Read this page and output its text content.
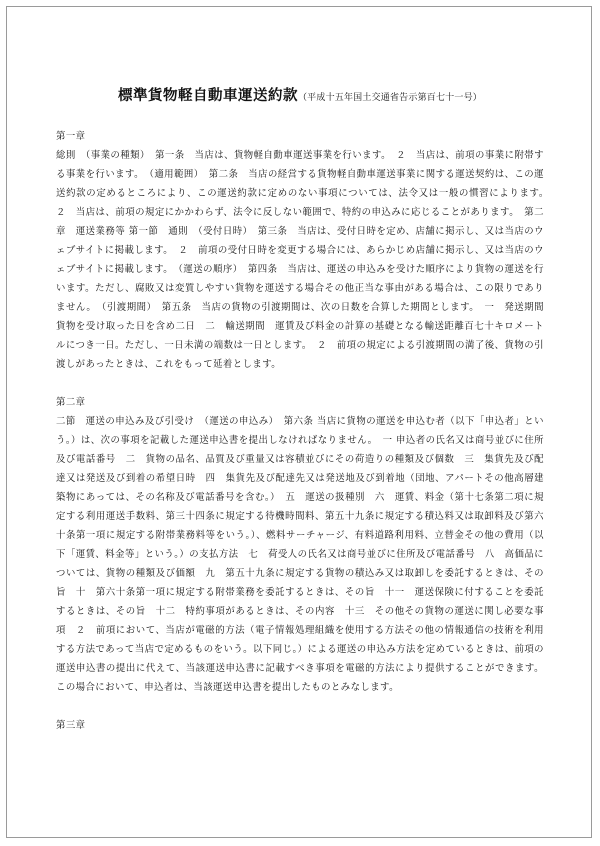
標準貨物軽自動車運送約款（平成十五年国土交通省告示第百七十一号）
第一章
総則　（事業の種類）　第一条　当店は、貨物軽自動車運送事業を行います。　２　当店は、前項の事業に附帯する事業を行います。　（適用範囲）　第二条　当店の経営する貨物軽自動車運送事業に関する運送契約は、この運送約款の定めるところにより、この運送約款に定めのない事項については、法令又は一般の慣習によります。　２　当店は、前項の規定にかかわらず、法令に反しない範囲で、特約の申込みに応じることがあります。　第二章　運送業務等 第一節　通則　（受付日時）　第三条　当店は、受付日時を定め、店舗に掲示し、又は当店のウェブサイトに掲載します。　２　前項の受付日時を変更する場合には、あらかじめ店舗に掲示し、又は当店のウェブサイトに掲載します。　（運送の順序）　第四条　当店は、運送の申込みを受けた順序により貨物の運送を行います。ただし、腐敗又は変質しやすい貨物を運送する場合その他正当な事由がある場合は、この限りでありません。　（引渡期間）　第五条　当店の貨物の引渡期間は、次の日数を合算した期間とします。　一　発送期間　貨物を受け取った日を含め二日　二　輸送期間　運賃及び料金の計算の基礎となる輸送距離百七十キロメートルにつき一日。ただし、一日未満の端数は一日とします。　２　前項の規定による引渡期間の満了後、貨物の引渡しがあったときは、これをもって延着とします。
第二章
二節　運送の申込み及び引受け　（運送の申込み）　第六条 当店に貨物の運送を申込む者（以下「申込者」という。）は、次の事項を記載した運送申込書を提出しなければなりません。　一 申込者の氏名又は商号並びに住所及び電話番号　二　貨物の品名、品質及び重量又は容積並びにその荷造りの種類及び個数　三　集貨先及び配達又は発送及び到着の希望日時　四　集貨先及び配達先又は発送地及び到着地（団地、アパートその他高層建築物にあっては、その名称及び電話番号を含む。）　五　運送の扱種別　六　運賃、料金（第十七条第二項に規定する利用運送手数料、第三十四条に規定する待機時間料、第五十九条に規定する積込料又は取卸料及び第六十条第一項に規定する附帯業務料等をいう。）、燃料サーチャージ、有料道路利用料、立替金その他の費用（以下「運賃、料金等」という。）の支払方法　七　荷受人の氏名又は商号並びに住所及び電話番号　八　高価品については、貨物の種類及び価額　九　第五十九条に規定する貨物の積込み又は取卸しを委託するときは、その旨　十　第六十条第一項に規定する附帯業務を委託するときは、その旨　十一　運送保険に付することを委託するときは、その旨　十二　特約事項があるときは、その内容　十三　その他その貨物の運送に関し必要な事項　２　前項において、当店が電磁的方法（電子情報処理組織を使用する方法その他の情報通信の技術を利用する方法であって当店で定めるものをいう。以下同じ。）による運送の申込み方法を定めているときは、前項の運送申込書の提出に代えて、当該運送申込書に記載すべき事項を電磁的方法により提供することができます。この場合において、申込者は、当該運送申込書を提出したものとみなします。
第三章
